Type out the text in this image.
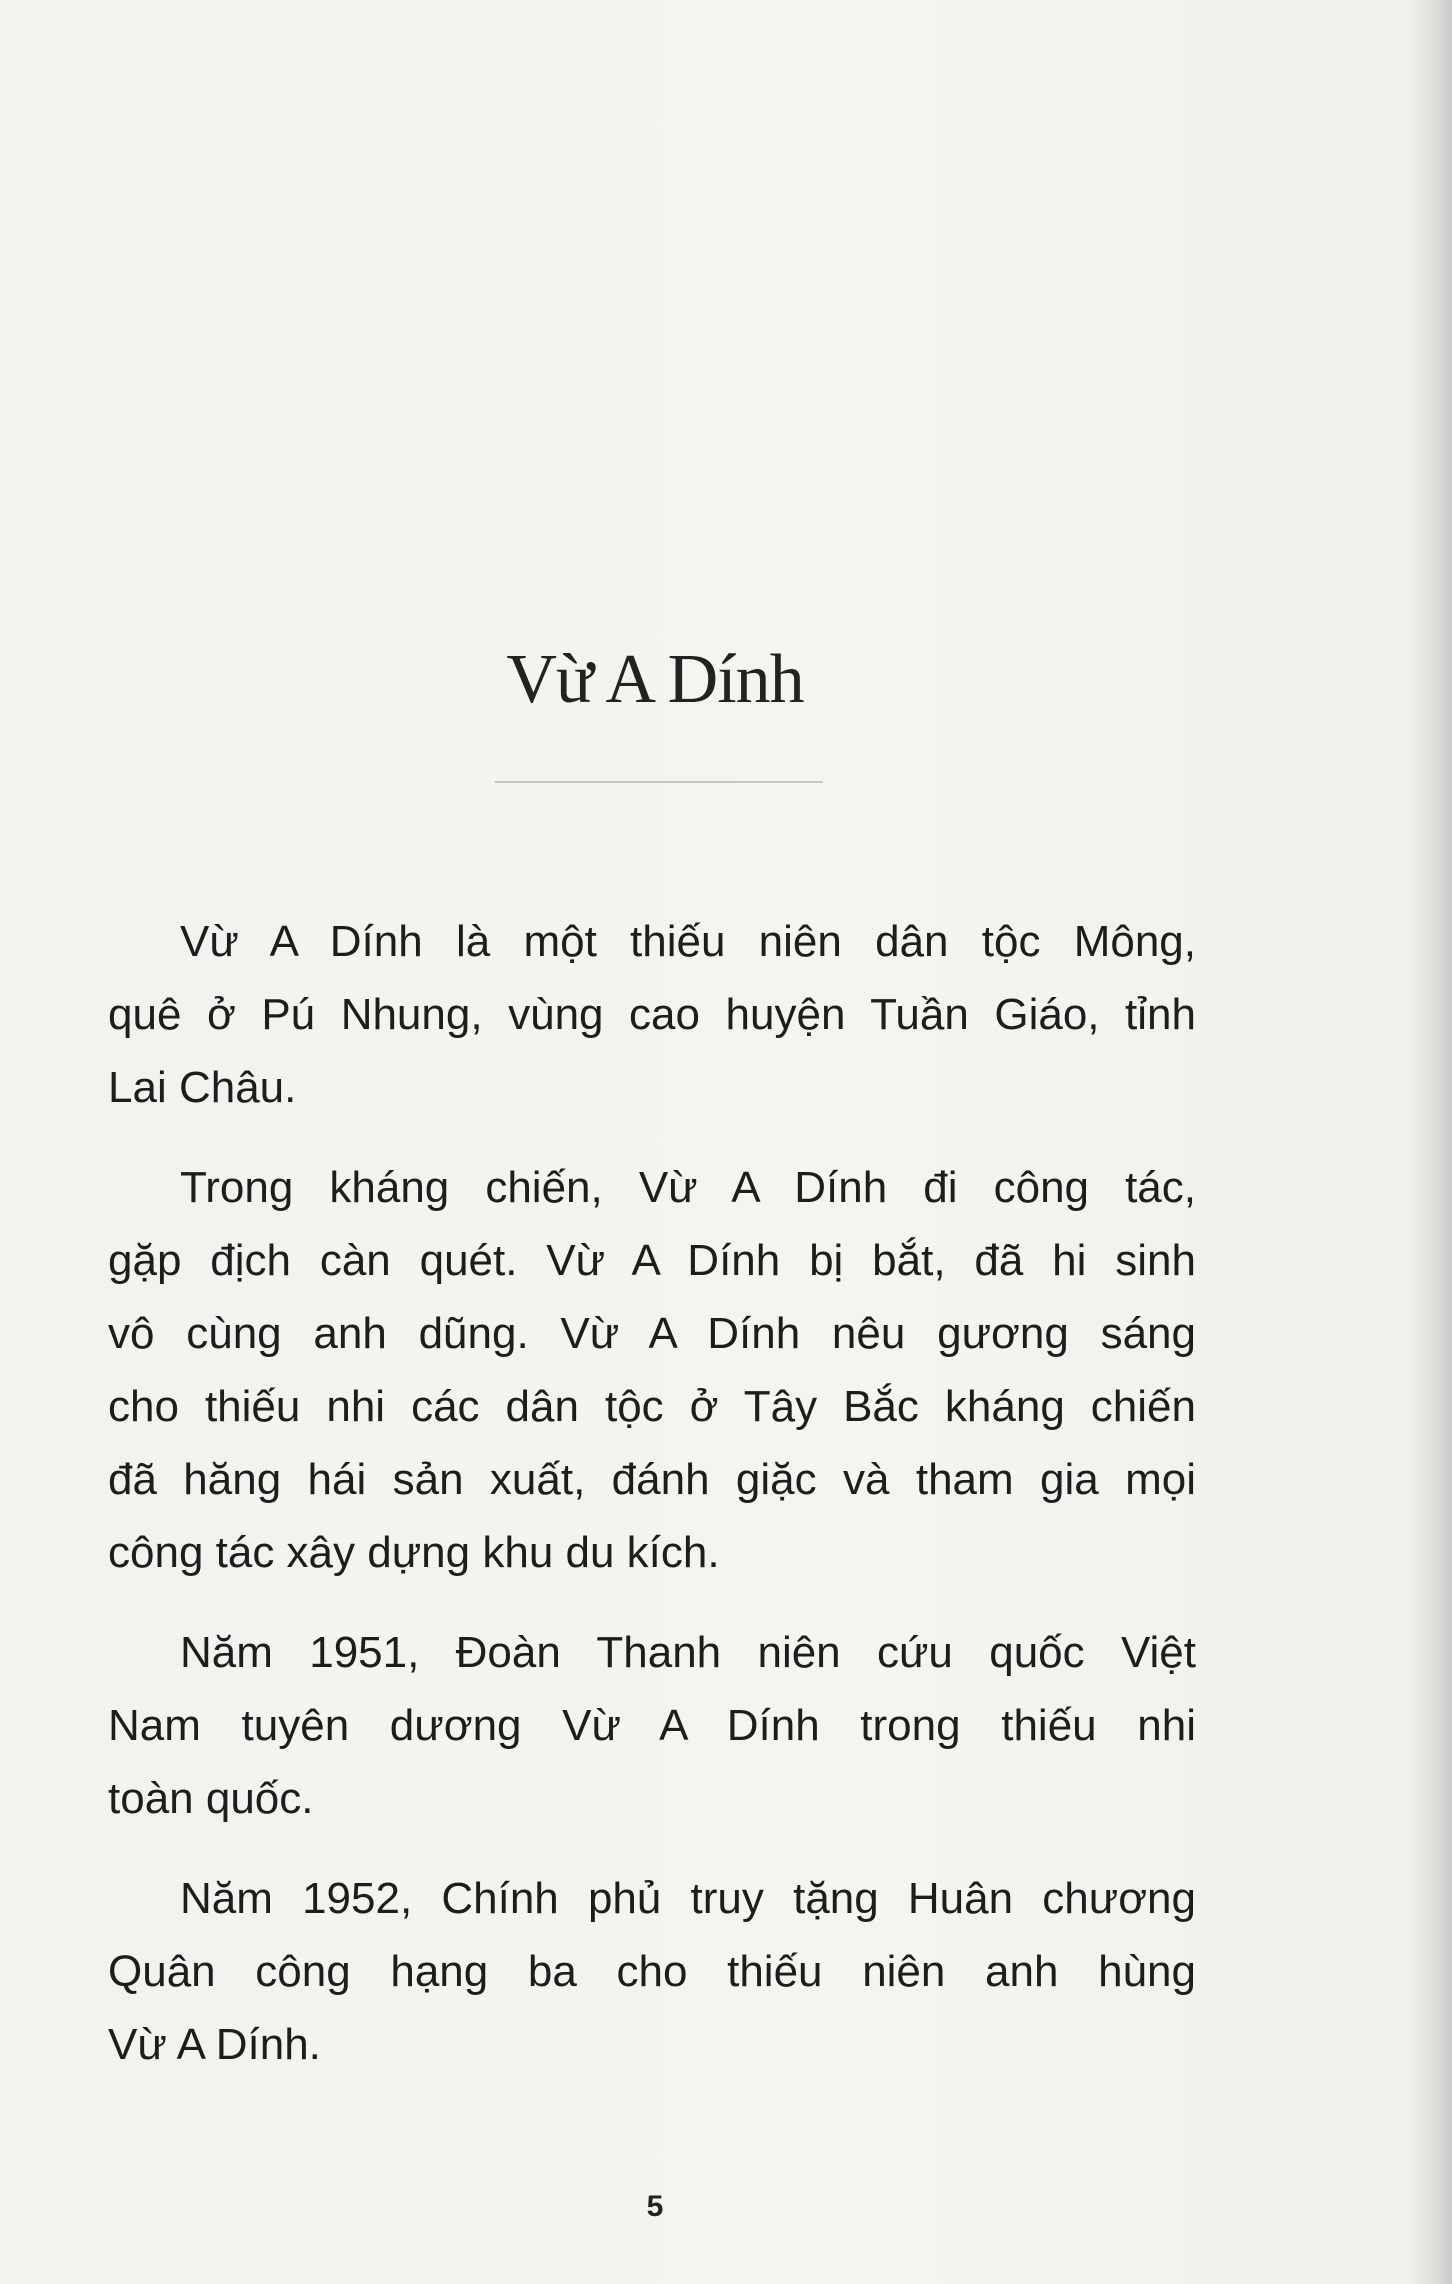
Vừ A Dính
Vừ A Dính là một thiếu niên dân tộc Mông,
quê ở Pú Nhung, vùng cao huyện Tuần Giáo, tỉnh
Lai Châu.
Trong kháng chiến, Vừ A Dính đi công tác,
gặp địch càn quét. Vừ A Dính bị bắt, đã hi sinh
vô cùng anh dũng. Vừ A Dính nêu gương sáng
cho thiếu nhi các dân tộc ở Tây Bắc kháng chiến
đã hăng hái sản xuất, đánh giặc và tham gia mọi
công tác xây dựng khu du kích.
Năm 1951, Đoàn Thanh niên cứu quốc Việt
Nam tuyên dương Vừ A Dính trong thiếu nhi
toàn quốc.
Năm 1952, Chính phủ truy tặng Huân chương
Quân công hạng ba cho thiếu niên anh hùng
Vừ A Dính.
5
